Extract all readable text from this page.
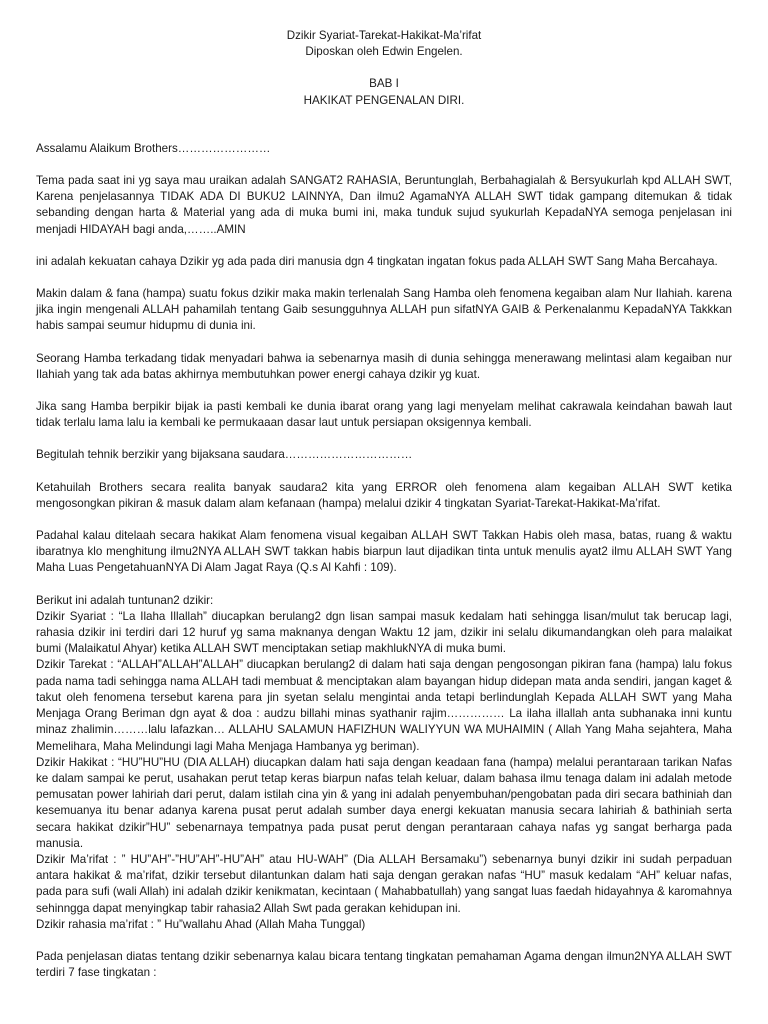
Dzikir Syariat-Tarekat-Hakikat-Ma’rifat
Diposkan oleh Edwin Engelen.
BAB I
HAKIKAT PENGENALAN DIRI.

Assalamu Alaikum Brothers……………………

Tema pada saat ini yg saya mau uraikan adalah SANGAT2 RAHASIA, Beruntunglah, Berbahagialah & Bersyukurlah kpd ALLAH SWT, Karena penjelasannya TIDAK ADA DI BUKU2 LAINNYA, Dan ilmu2 AgamaNYA ALLAH SWT tidak gampang ditemukan & tidak sebanding dengan harta & Material yang ada di muka bumi ini, maka tunduk sujud syukurlah KepadaNYA semoga penjelasan ini menjadi HIDAYAH bagi anda,……..AMIN

ini adalah kekuatan cahaya Dzikir yg ada pada diri manusia dgn 4 tingkatan ingatan fokus pada ALLAH SWT Sang Maha Bercahaya.

Makin dalam & fana (hampa) suatu fokus dzikir maka makin terlenalah Sang Hamba oleh fenomena kegaiban alam Nur Ilahiah. karena jika ingin mengenali ALLAH pahamilah tentang Gaib sesungguhnya ALLAH pun sifatNYA GAIB & Perkenalanmu KepadaNYA Takkkan habis sampai seumur hidupmu di dunia ini.

Seorang Hamba terkadang tidak menyadari bahwa ia sebenarnya masih di dunia sehingga menerawang melintasi alam kegaiban nur Ilahiah yang tak ada batas akhirnya membutuhkan power energi cahaya dzikir yg kuat.

Jika sang Hamba berpikir bijak ia pasti kembali ke dunia ibarat orang yang lagi menyelam melihat cakrawala keindahan bawah laut tidak terlalu lama lalu ia kembali ke permukaaan dasar laut untuk persiapan oksigennya kembali.

Begitulah tehnik berzikir yang bijaksana saudara……………………………

Ketahuilah Brothers secara realita banyak saudara2 kita yang ERROR oleh fenomena alam kegaiban ALLAH SWT ketika mengosongkan pikiran & masuk dalam alam kefanaan (hampa) melalui dzikir 4 tingkatan Syariat-Tarekat-Hakikat-Ma’rifat.

Padahal kalau ditelaah secara hakikat Alam fenomena visual kegaiban ALLAH SWT Takkan Habis oleh masa, batas, ruang & waktu ibaratnya klo menghitung ilmu2NYA ALLAH SWT takkan habis biarpun laut dijadikan tinta untuk menulis ayat2 ilmu ALLAH SWT Yang Maha Luas PengetahuanNYA Di Alam Jagat Raya (Q.s Al Kahfi : 109).

Berikut ini adalah tuntunan2 dzikir:

Dzikir Syariat : “La Ilaha Illallah” diucapkan berulang2 dgn lisan sampai masuk kedalam hati sehingga lisan/mulut tak berucap lagi, rahasia dzikir ini terdiri dari 12 huruf yg sama maknanya dengan Waktu 12 jam, dzikir ini selalu dikumandangkan oleh para malaikat bumi (Malaikatul Ahyar) ketika ALLAH SWT menciptakan setiap makhlukNYA di muka bumi.

Dzikir Tarekat : “ALLAH”ALLAH”ALLAH” diucapkan berulang2 di dalam hati saja dengan pengosongan pikiran fana (hampa) lalu fokus pada nama tadi sehingga nama ALLAH tadi membuat & menciptakan alam bayangan hidup didepan mata anda sendiri, jangan kaget & takut oleh fenomena tersebut karena para jin syetan selalu mengintai anda tetapi berlindunglah Kepada ALLAH SWT yang Maha Menjaga Orang Beriman dgn ayat & doa : audzu billahi minas syathanir rajim…………… La ilaha illallah anta subhanaka inni kuntu minaz zhalimin………lalu lafazkan… ALLAHU SALAMUN HAFIZHUN WALIYYUN WA MUHAIMIN ( Allah Yang Maha sejahtera, Maha Memelihara, Maha Melindungi lagi Maha Menjaga Hambanya yg beriman).

Dzikir Hakikat : “HU”HU”HU (DIA ALLAH) diucapkan dalam hati saja dengan keadaan fana (hampa) melalui perantaraan tarikan Nafas ke dalam sampai ke perut, usahakan perut tetap keras biarpun nafas telah keluar, dalam bahasa ilmu tenaga dalam ini adalah metode pemusatan power lahiriah dari perut, dalam istilah cina yin & yang ini adalah penyembuhan/pengobatan pada diri secara bathiniah dan kesemuanya itu benar adanya karena pusat perut adalah sumber daya energi kekuatan manusia secara lahiriah & bathiniah serta secara hakikat dzikir”HU” sebenarnaya tempatnya pada pusat perut dengan perantaraan cahaya nafas yg sangat berharga pada manusia.

Dzikir Ma’rifat : ” HU”AH”-”HU”AH”-HU”AH” atau HU-WAH” (Dia ALLAH Bersamaku”) sebenarnya bunyi dzikir ini sudah perpaduan antara hakikat & ma’rifat, dzikir tersebut dilantunkan dalam hati saja dengan gerakan nafas “HU” masuk kedalam “AH” keluar nafas, pada para sufi (wali Allah) ini adalah dzikir kenikmatan, kecintaan ( Mahabbatullah) yang sangat luas faedah hidayahnya & karomahnya sehinngga dapat menyingkap tabir rahasia2 Allah Swt pada gerakan kehidupan ini.

Dzikir rahasia ma’rifat : ” Hu”wallahu Ahad (Allah Maha Tunggal)

Pada penjelasan diatas tentang dzikir sebenarnya kalau bicara tentang tingkatan pemahaman Agama dengan ilmun2NYA ALLAH SWT terdiri 7 fase tingkatan :
